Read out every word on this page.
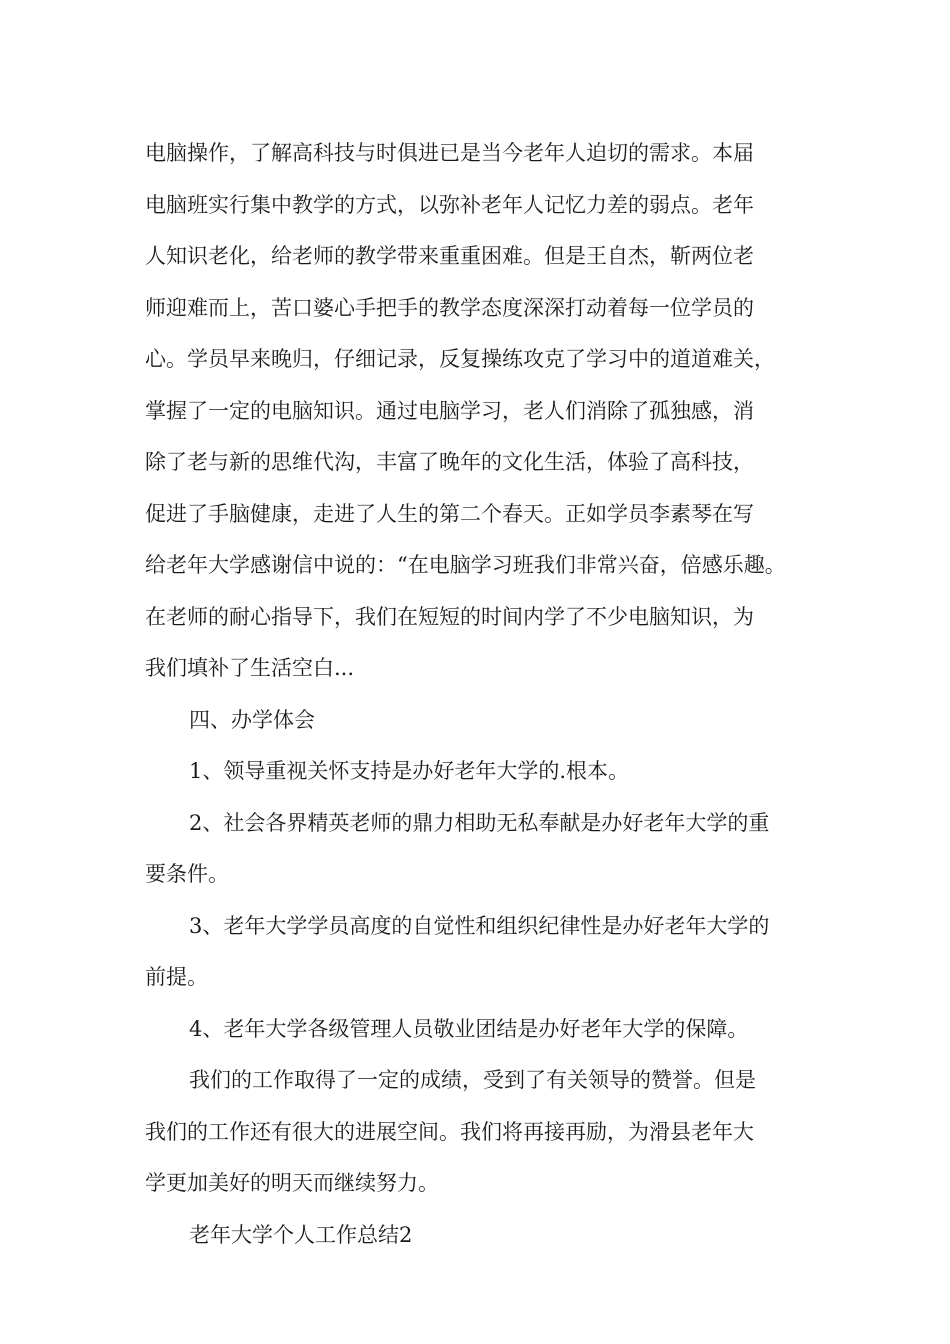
电脑操作，了解高科技与时俱进已是当今老年人迫切的需求。本届
电脑班实行集中教学的方式，以弥补老年人记忆力差的弱点。老年
人知识老化，给老师的教学带来重重困难。但是王自杰，靳两位老
师迎难而上，苦口婆心手把手的教学态度深深打动着每一位学员的
心。学员早来晚归，仔细记录，反复操练攻克了学习中的道道难关，
掌握了一定的电脑知识。通过电脑学习，老人们消除了孤独感，消
除了老与新的思维代沟，丰富了晚年的文化生活，体验了高科技，
促进了手脑健康，走进了人生的第二个春天。正如学员李素琴在写
给老年大学感谢信中说的：“在电脑学习班我们非常兴奋，倍感乐趣。
在老师的耐心指导下，我们在短短的时间内学了不少电脑知识，为
我们填补了生活空白...
四、办学体会
1、领导重视关怀支持是办好老年大学的.根本。
2、社会各界精英老师的鼎力相助无私奉献是办好老年大学的重
要条件。
3、老年大学学员高度的自觉性和组织纪律性是办好老年大学的
前提。
4、老年大学各级管理人员敬业团结是办好老年大学的保障。
我们的工作取得了一定的成绩，受到了有关领导的赞誉。但是
我们的工作还有很大的进展空间。我们将再接再励，为滑县老年大
学更加美好的明天而继续努力。
老年大学个人工作总结2
